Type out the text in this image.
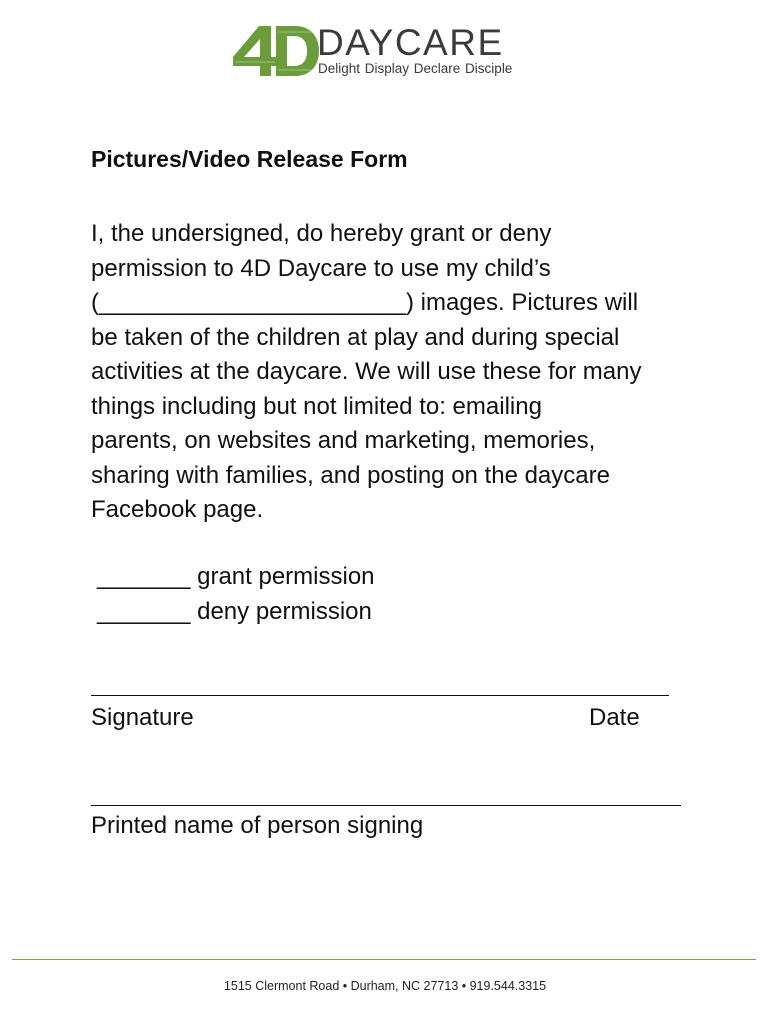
DAYCARE
Delight Display Declare Disciple
Pictures/Video Release Form
I, the undersigned, do hereby grant or deny
permission to 4D Daycare to use my child’s
(_______________________) images. Pictures will
be taken of the children at play and during special
activities at the daycare. We will use these for many
things including but not limited to: emailing
parents, on websites and marketing, memories,
sharing with families, and posting on the daycare
Facebook page.
_______ grant permission
_______ deny permission
Signature	Date
Printed name of person signing
1515 Clermont Road • Durham, NC 27713 • 919.544.3315
